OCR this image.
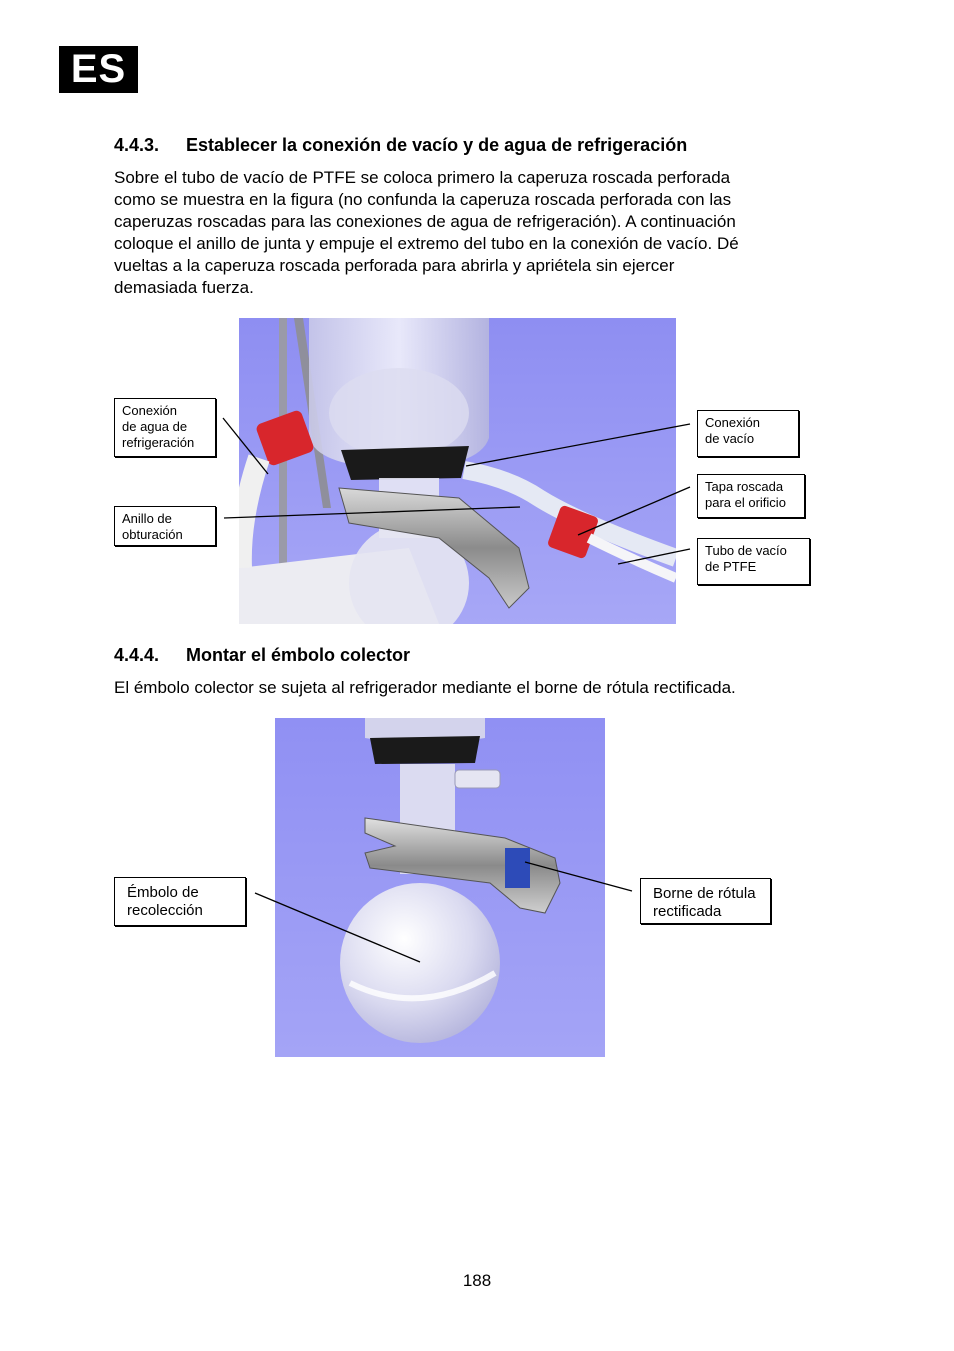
ES
4.4.3. Establecer la conexión de vacío y de agua de refrigeración
Sobre el tubo de vacío de PTFE se coloca primero la caperuza roscada perforada
como se muestra en la figura (no confunda la caperuza roscada perforada con las
caperuzas roscadas para las conexiones de agua de refrigeración). A continuación
coloque el anillo de junta y empuje el extremo del tubo en la conexión de vacío. Dé
vueltas a la caperuza roscada perforada para abrirla y apriétela sin ejercer
demasiada fuerza.
Conexión
de agua de
refrigeración
Anillo de
obturación
Conexión
de vacío
Tapa roscada
para el orificio
Tubo de vacío
de PTFE
4.4.4. Montar el émbolo colector
El émbolo colector se sujeta al refrigerador mediante el borne de rótula rectificada.
Émbolo de
recolección
Borne de rótula
rectificada
188
